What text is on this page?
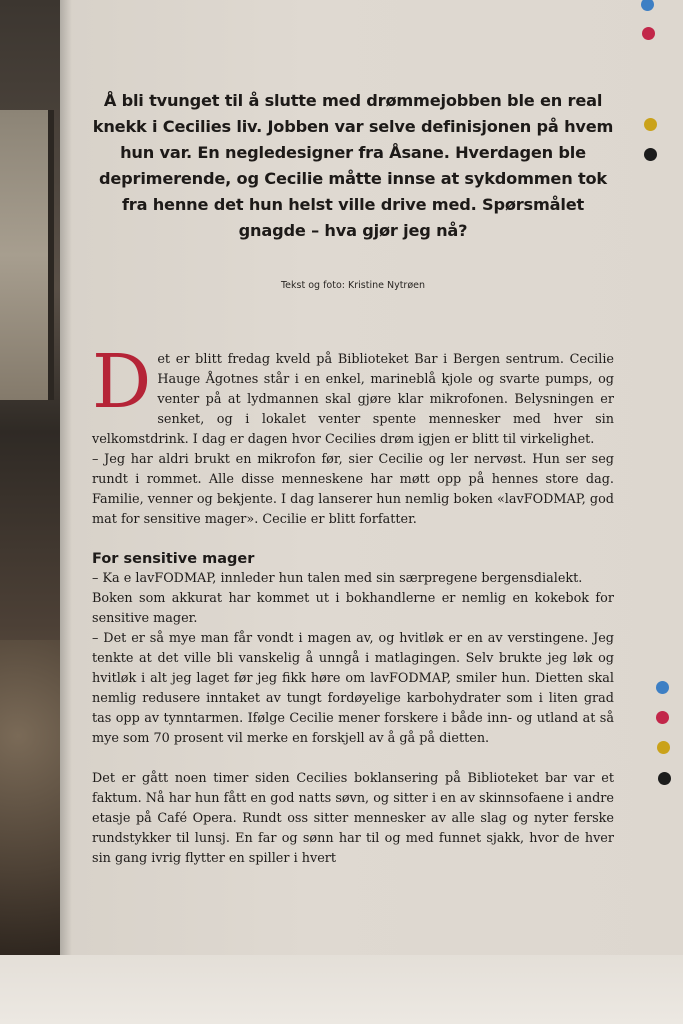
Å bli tvunget til å slutte med drømmejobben ble en real knekk i Cecilies liv. Jobben var selve definisjonen på hvem hun var. En negledesigner fra Åsane. Hverdagen ble deprimerende, og Cecilie måtte innse at sykdommen tok fra henne det hun helst ville drive med. Spørsmålet gnagde – hva gjør jeg nå?
Tekst og foto: Kristine Nytrøen

Det er blitt fredag kveld på Biblioteket Bar i Bergen sentrum. Cecilie Hauge Ågotnes står i en enkel, marineblå kjole og svarte pumps, og venter på at lydmannen skal gjøre klar mikrofonen. Belysningen er senket, og i lokalet venter spente mennesker med hver sin velkomstdrink. I dag er dagen hvor Cecilies drøm igjen er blitt til virkelighet.

– Jeg har aldri brukt en mikrofon før, sier Cecilie og ler nervøst. Hun ser seg rundt i rommet. Alle disse menneskene har møtt opp på hennes store dag. Familie, venner og bekjente. I dag lanserer hun nemlig boken «lavFODMAP, god mat for sensitive mager». Cecilie er blitt forfatter.

For sensitive mager

– Ka e lavFODMAP, innleder hun talen med sin særpregene bergensdialekt.

Boken som akkurat har kommet ut i bokhandlerne er nemlig en kokebok for sensitive mager.

– Det er så mye man får vondt i magen av, og hvitløk er en av verstingene. Jeg tenkte at det ville bli vanskelig å unngå i matlagingen. Selv brukte jeg løk og hvitløk i alt jeg laget før jeg fikk høre om lavFODMAP, smiler hun. Dietten skal nemlig redusere inntaket av tungt fordøyelige karbohydrater som i liten grad tas opp av tynntarmen. Ifølge Cecilie mener forskere i både inn- og utland at så mye som 70 prosent vil merke en forskjell av å gå på dietten.

Det er gått noen timer siden Cecilies boklansering på Biblioteket bar var et faktum. Nå har hun fått en god natts søvn, og sitter i en av skinnsofaene i andre etasje på Café Opera. Rundt oss sitter mennesker av alle slag og nyter ferske rundstykker til lunsj. En far og sønn har til og med funnet sjakk, hvor de hver sin gang ivrig flytter en spiller i hvert
